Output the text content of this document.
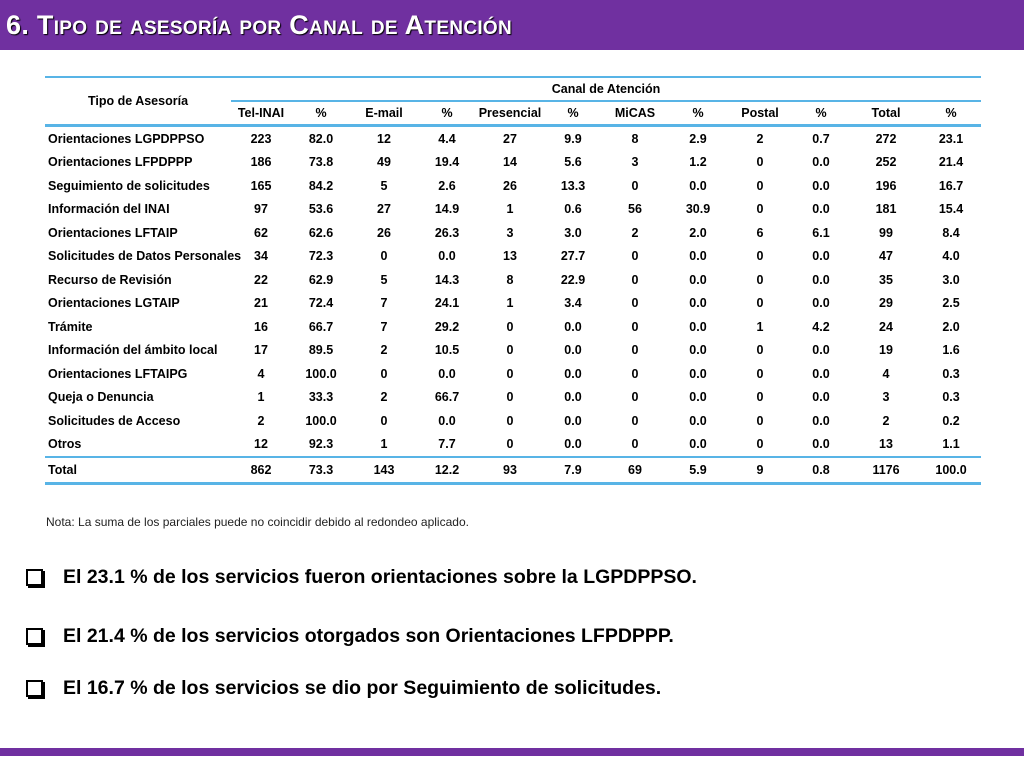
6. Tipo de asesoría por Canal de Atención
Tipo de Asesoría	Canal de Atención											
	Tel-INAI	%	E-mail	%	Presencial	%	MiCAS	%	Postal	%	Total	%
Orientaciones LGPDPPSO	223	82.0	12	4.4	27	9.9	8	2.9	2	0.7	272	23.1
Orientaciones LFPDPPP	186	73.8	49	19.4	14	5.6	3	1.2	0	0.0	252	21.4
Seguimiento de solicitudes	165	84.2	5	2.6	26	13.3	0	0.0	0	0.0	196	16.7
Información del INAI	97	53.6	27	14.9	1	0.6	56	30.9	0	0.0	181	15.4
Orientaciones LFTAIP	62	62.6	26	26.3	3	3.0	2	2.0	6	6.1	99	8.4
Solicitudes de Datos Personales	34	72.3	0	0.0	13	27.7	0	0.0	0	0.0	47	4.0
Recurso de Revisión	22	62.9	5	14.3	8	22.9	0	0.0	0	0.0	35	3.0
Orientaciones LGTAIP	21	72.4	7	24.1	1	3.4	0	0.0	0	0.0	29	2.5
Trámite	16	66.7	7	29.2	0	0.0	0	0.0	1	4.2	24	2.0
Información del ámbito local	17	89.5	2	10.5	0	0.0	0	0.0	0	0.0	19	1.6
Orientaciones LFTAIPG	4	100.0	0	0.0	0	0.0	0	0.0	0	0.0	4	0.3
Queja o Denuncia	1	33.3	2	66.7	0	0.0	0	0.0	0	0.0	3	0.3
Solicitudes de Acceso	2	100.0	0	0.0	0	0.0	0	0.0	0	0.0	2	0.2
Otros	12	92.3	1	7.7	0	0.0	0	0.0	0	0.0	13	1.1
Total	862	73.3	143	12.2	93	7.9	69	5.9	9	0.8	1176	100.0
Nota: La suma de los parciales puede no coincidir debido al redondeo aplicado.
El 23.1 % de los servicios fueron orientaciones sobre la LGPDPPSO.
El 21.4 % de los servicios otorgados son Orientaciones LFPDPPP.
El 16.7 % de los servicios se dio por Seguimiento de solicitudes.
